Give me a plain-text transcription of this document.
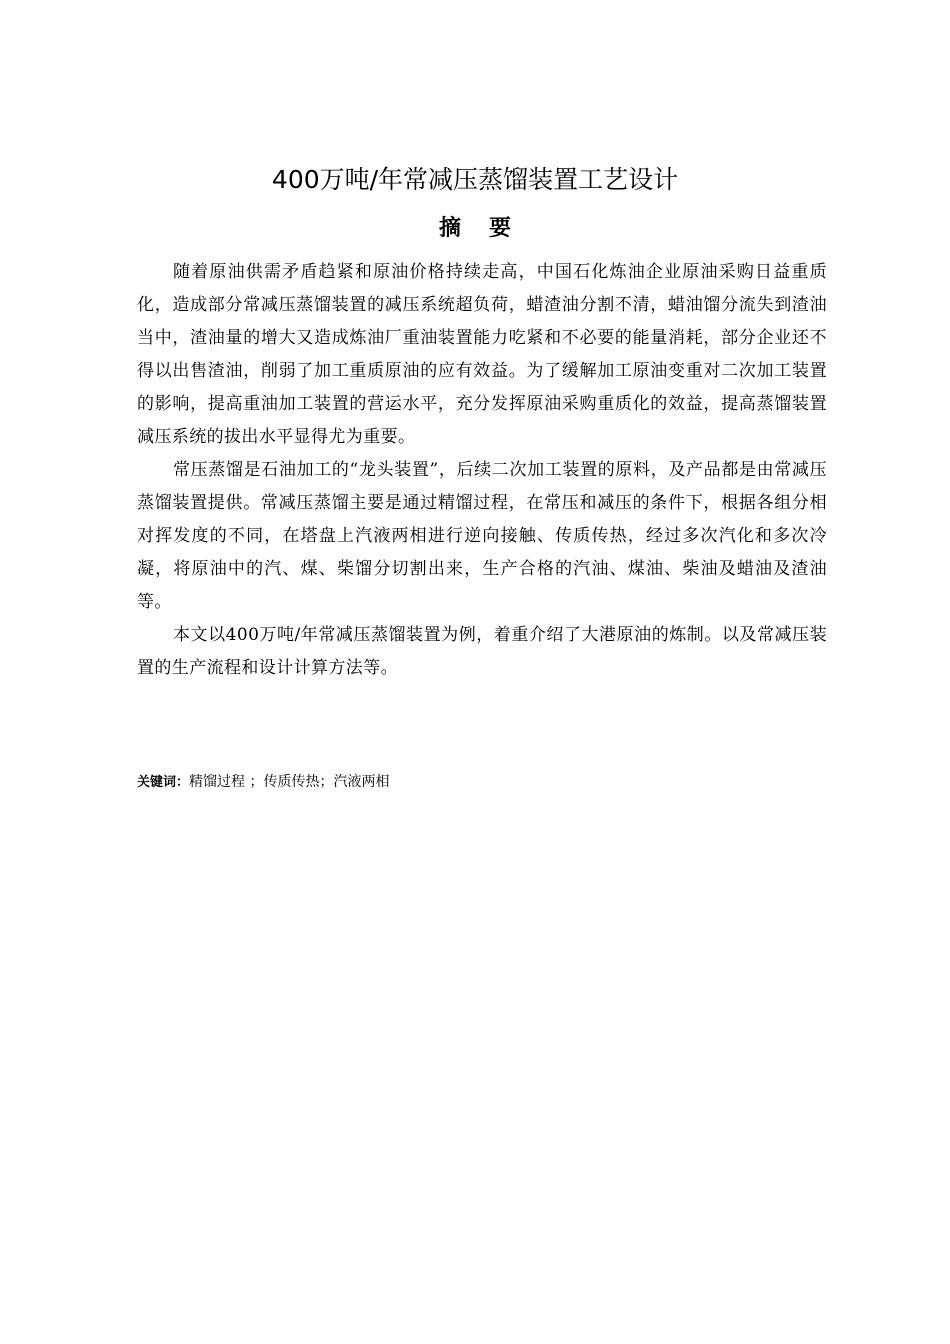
400万吨/年常减压蒸馏装置工艺设计
摘要

随着原油供需矛盾趋紧和原油价格持续走高，中国石化炼油企业原油采购日益重质化，造成部分常减压蒸馏装置的减压系统超负荷，蜡渣油分割不清，蜡油馏分流失到渣油当中，渣油量的增大又造成炼油厂重油装置能力吃紧和不必要的能量消耗，部分企业还不得以出售渣油，削弱了加工重质原油的应有效益。为了缓解加工原油变重对二次加工装置的影响，提高重油加工装置的营运水平，充分发挥原油采购重质化的效益，提高蒸馏装置减压系统的拔出水平显得尤为重要。

常压蒸馏是石油加工的“龙头装置”，后续二次加工装置的原料，及产品都是由常减压蒸馏装置提供。常减压蒸馏主要是通过精馏过程，在常压和减压的条件下，根据各组分相对挥发度的不同，在塔盘上汽液两相进行逆向接触、传质传热，经过多次汽化和多次冷凝，将原油中的汽、煤、柴馏分切割出来，生产合格的汽油、煤油、柴油及蜡油及渣油等。

本文以400万吨/年常减压蒸馏装置为例，着重介绍了大港原油的炼制。以及常减压装置的生产流程和设计计算方法等。

关键词：精馏过程 ；传质传热；汽液两相
